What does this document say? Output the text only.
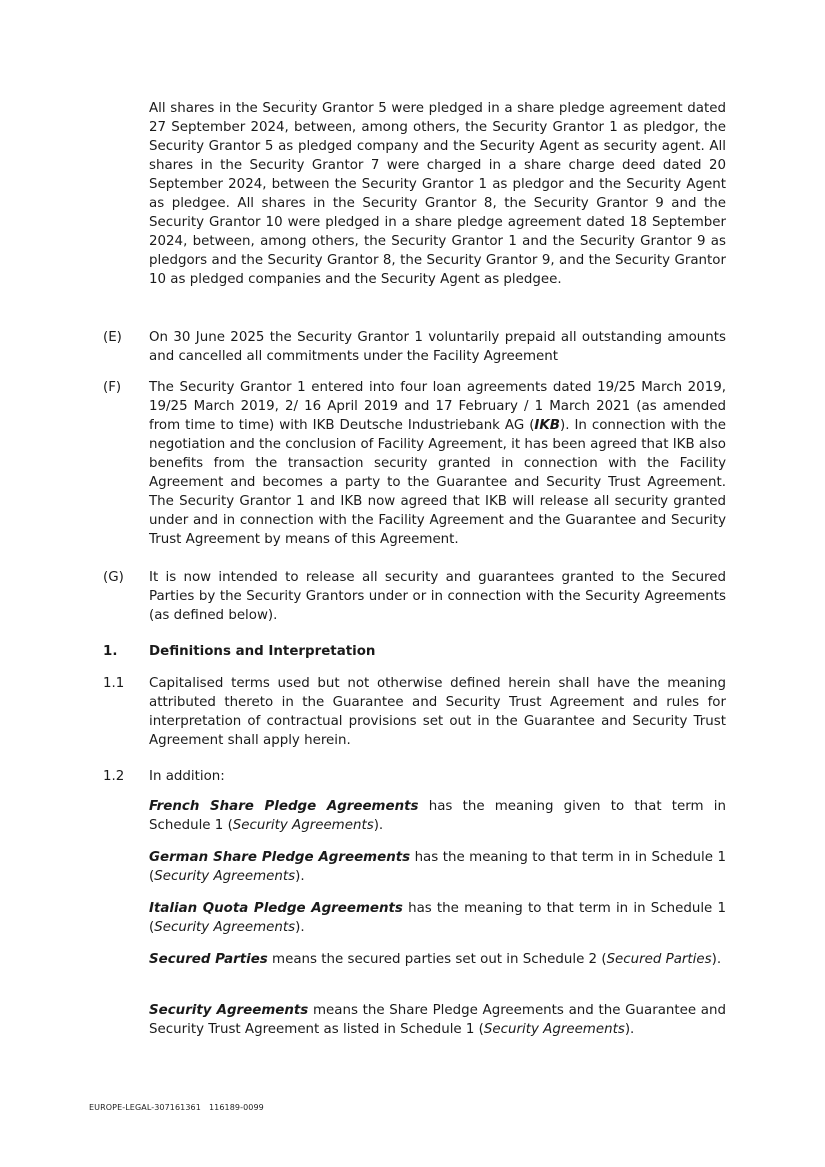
All shares in the Security Grantor 5 were pledged in a share pledge agreement dated 27 September 2024, between, among others, the Security Grantor 1 as pledgor, the Security Grantor 5 as pledged company and the Security Agent as security agent. All shares in the Security Grantor 7 were charged in a share charge deed dated 20 September 2024, between the Security Grantor 1 as pledgor and the Security Agent as pledgee. All shares in the Security Grantor 8, the Security Grantor 9 and the Security Grantor 10 were pledged in a share pledge agreement dated 18 September 2024, between, among others, the Security Grantor 1 and the Security Grantor 9 as pledgors and the Security Grantor 8, the Security Grantor 9, and the Security Grantor 10 as pledged companies and the Security Agent as pledgee.

(E) On 30 June 2025 the Security Grantor 1 voluntarily prepaid all outstanding amounts and cancelled all commitments under the Facility Agreement

(F) The Security Grantor 1 entered into four loan agreements dated 19/25 March 2019, 19/25 March 2019, 2/ 16 April 2019 and 17 February / 1 March 2021 (as amended from time to time) with IKB Deutsche Industriebank AG (IKB). In connection with the negotiation and the conclusion of Facility Agreement, it has been agreed that IKB also benefits from the transaction security granted in connection with the Facility Agreement and becomes a party to the Guarantee and Security Trust Agreement. The Security Grantor 1 and IKB now agreed that IKB will release all security granted under and in connection with the Facility Agreement and the Guarantee and Security Trust Agreement by means of this Agreement.

(G) It is now intended to release all security and guarantees granted to the Secured Parties by the Security Grantors under or in connection with the Security Agreements (as defined below).

1. Definitions and Interpretation
1.1 Capitalised terms used but not otherwise defined herein shall have the meaning attributed thereto in the Guarantee and Security Trust Agreement and rules for interpretation of contractual provisions set out in the Guarantee and Security Trust Agreement shall apply herein.

1.2 In addition:

French Share Pledge Agreements has the meaning given to that term in Schedule 1 (Security Agreements).

German Share Pledge Agreements has the meaning to that term in in Schedule 1 (Security Agreements).

Italian Quota Pledge Agreements has the meaning to that term in in Schedule 1 (Security Agreements).

Secured Parties means the secured parties set out in Schedule 2 (Secured Parties).

Security Agreements means the Share Pledge Agreements and the Guarantee and Security Trust Agreement as listed in Schedule 1 (Security Agreements).

EUROPE-LEGAL-307161361 116189-0099
